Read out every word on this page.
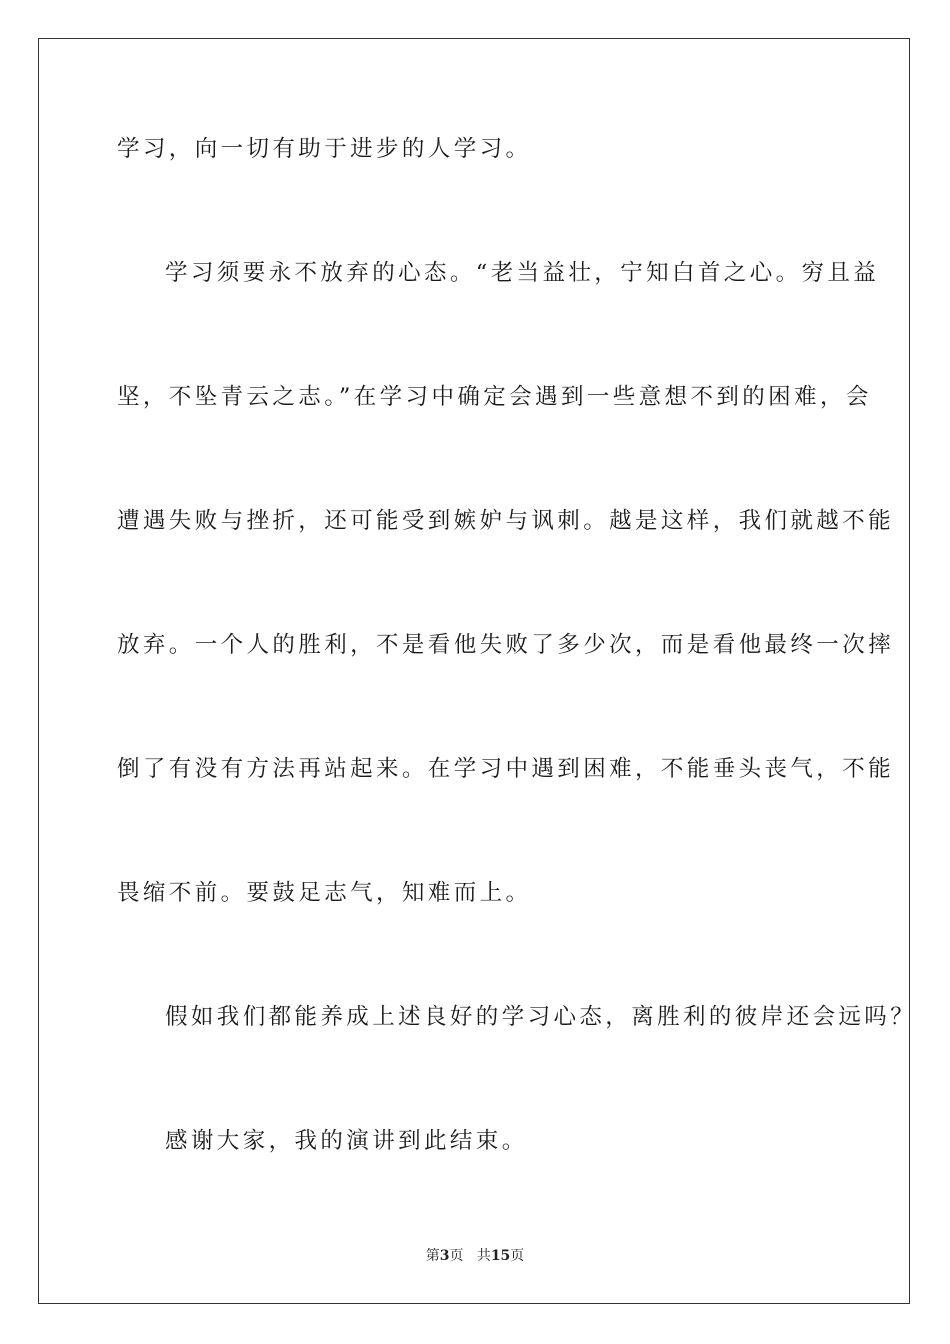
学习，向一切有助于进步的人学习。
学习须要永不放弃的心态。“老当益壮，宁知白首之心。穷且益
坚，不坠青云之志。”在学习中确定会遇到一些意想不到的困难，会
遭遇失败与挫折，还可能受到嫉妒与讽刺。越是这样，我们就越不能
放弃。一个人的胜利，不是看他失败了多少次，而是看他最终一次摔
倒了有没有方法再站起来。在学习中遇到困难，不能垂头丧气，不能
畏缩不前。要鼓足志气，知难而上。
假如我们都能养成上述良好的学习心态，离胜利的彼岸还会远吗？
感谢大家，我的演讲到此结束。
第3页 共15页
